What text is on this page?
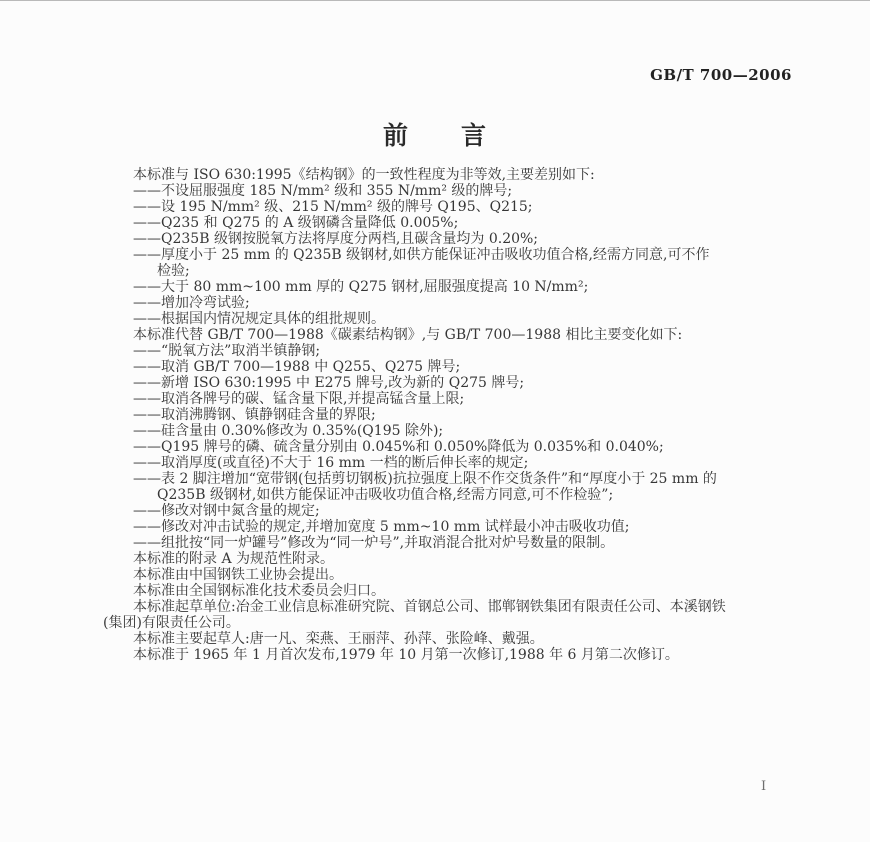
GB/T 700—2006
前　　言
本标准与 ISO 630:1995《结构钢》的一致性程度为非等效,主要差别如下:
——不设屈服强度 185 N/mm² 级和 355 N/mm² 级的牌号;
——设 195 N/mm² 级、215 N/mm² 级的牌号 Q195、Q215;
——Q235 和 Q275 的 A 级钢磷含量降低 0.005%;
——Q235B 级钢按脱氧方法将厚度分两档,且碳含量均为 0.20%;
——厚度小于 25 mm 的 Q235B 级钢材,如供方能保证冲击吸收功值合格,经需方同意,可不作
检验;
——大于 80 mm~100 mm 厚的 Q275 钢材,屈服强度提高 10 N/mm²;
——增加冷弯试验;
——根据国内情况规定具体的组批规则。
本标准代替 GB/T 700—1988《碳素结构钢》,与 GB/T 700—1988 相比主要变化如下:
——“脱氧方法”取消半镇静钢;
——取消 GB/T 700—1988 中 Q255、Q275 牌号;
——新增 ISO 630:1995 中 E275 牌号,改为新的 Q275 牌号;
——取消各牌号的碳、锰含量下限,并提高锰含量上限;
——取消沸腾钢、镇静钢硅含量的界限;
——硅含量由 0.30%修改为 0.35%(Q195 除外);
——Q195 牌号的磷、硫含量分别由 0.045%和 0.050%降低为 0.035%和 0.040%;
——取消厚度(或直径)不大于 16 mm 一档的断后伸长率的规定;
——表 2 脚注增加“宽带钢(包括剪切钢板)抗拉强度上限不作交货条件”和“厚度小于 25 mm 的
Q235B 级钢材,如供方能保证冲击吸收功值合格,经需方同意,可不作检验”;
——修改对钢中氮含量的规定;
——修改对冲击试验的规定,并增加宽度 5 mm~10 mm 试样最小冲击吸收功值;
——组批按“同一炉罐号”修改为“同一炉号”,并取消混合批对炉号数量的限制。
本标准的附录 A 为规范性附录。
本标准由中国钢铁工业协会提出。
本标准由全国钢标准化技术委员会归口。
本标准起草单位:冶金工业信息标准研究院、首钢总公司、邯郸钢铁集团有限责任公司、本溪钢铁
(集团)有限责任公司。
本标准主要起草人:唐一凡、栾燕、王丽萍、孙萍、张险峰、戴强。
本标准于 1965 年 1 月首次发布,1979 年 10 月第一次修订,1988 年 6 月第二次修订。
I
